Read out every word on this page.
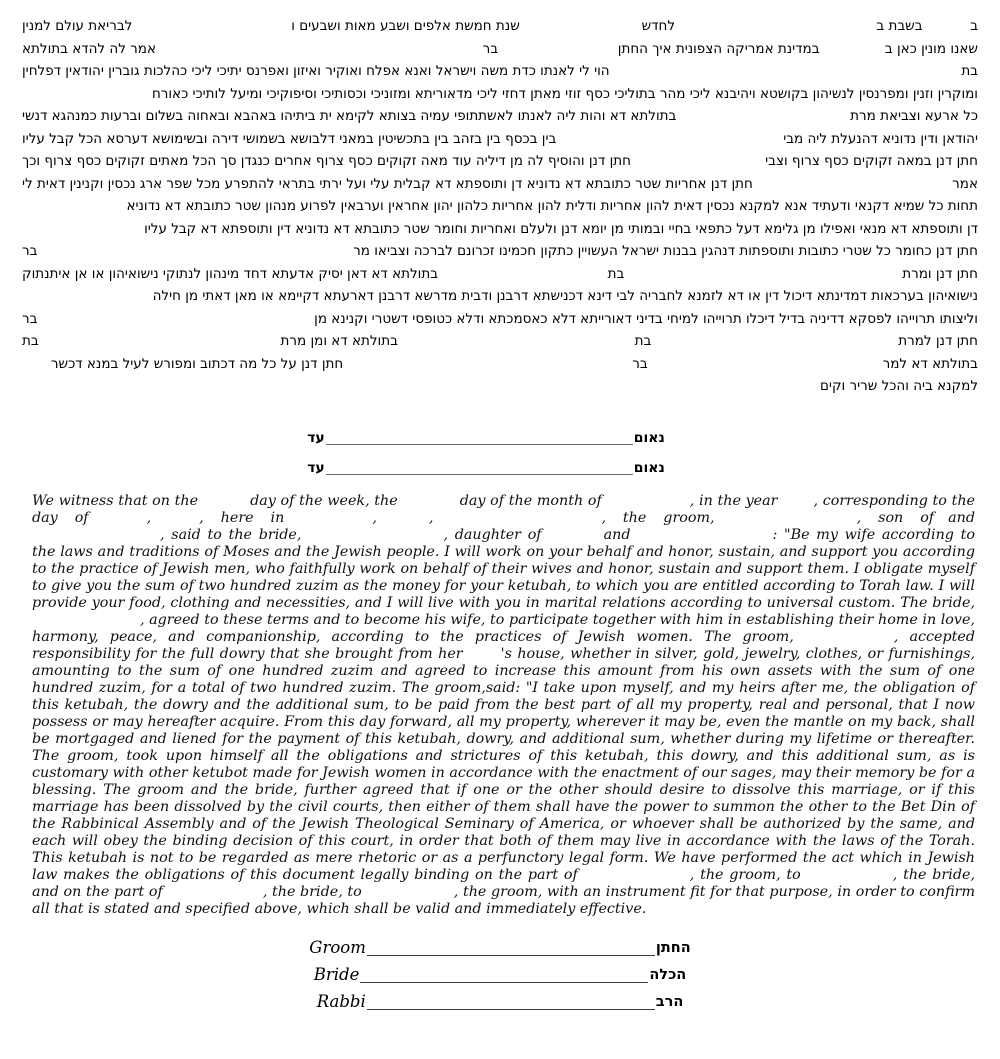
ב
בשבת ב
לחדש
שנת חמשת אלפים ושבע מאות ושבעים ו
לבריאת עולם למנין
שאנו מונין כאן ב
במדינת אמריקה הצפונית איך החתן
בר
אמר לה להדא בתולתא
בת
הוי לי לאנתו כדת משה וישראל ואנא אפלח ואוקיר ואיזון ואפרנס יתיכי ליכי כהלכות גוברין יהודאין דפלחין
ומוקרין וזנין ומפרנסין לנשיהון בקושטא ויהיבנא ליכי מהר בתוליכי כסף זוזי מאתן דחזי ליכי מדאוריתא ומזוניכי וכסותיכי וסיפוקיכי ומיעל לותיכי כאורח
כל ארעא וצביאת מרת
בתולתא דא והות ליה לאנתו לאשתתופי עמיה בצותא לקימא ית ביתיהו באהבא ובאחוה בשלום וברעות כמנהגא דנשי
יהודאן ודין נדוניא דהנעלת ליה מבי
בין בכסף בין בזהב בין בתכשיטין במאני דלבושא בשמושי דירה ובשימושא דערסא הכל קבל עליו
חתן דנן במאה זקוקים כסף צרוף וצבי
חתן דנן והוסיף לה מן דיליה עוד מאה זקוקים כסף צרוף אחרים כנגדן סך הכל מאתים זקוקים כסף צרוף וכך
אמר
חתן דנן אחריות שטר כתובתא דא נדוניא דן ותוספתא דא קבלית עלי ועל ירתי בתראי להתפרע מכל שפר ארג נכסין וקנינין דאית לי
תחות כל שמיא דקנאי ודעתיד אנא למקנא נכסין דאית להון אחריות ודלית להון אחריות כלהון יהון אחראין וערבאין לפרוע מנהון שטר כתובתא דא נדוניא
דן ותוספתא דא מנאי ואפילו מן גלימא דעל כתפאי בחיי ובמותי מן יומא דנן ולעלם ואחריות וחומר שטר כתובתא דא נדוניא דין ותוספתא דא קבל עליו
חתן דנן כחומר כל שטרי כתובות ותוספתות דנהגין בבנות ישראל העשויין כתקון חכמינו זכרונם לברכה וצביאו מר
בר
חתן דנן ומרת
בת
בתולתא דא דאן יסיק אדעתא דחד מינהון לנתוקי נישואיהון או אן איתנתוק
נישואיהון בערכאות דמדינתא דיכול דין או דא לזמנא לחבריה לבי דינא דכנישתא דרבנן ודבית מדרשא דרבנן דארעתא דקיימא או מאן דאתי מן חילה
וליצותו תרוייהו לפסקא דדיניה בדיל דיכלו תרוייהו למיחי בדיני דאורייתא דלא כאסמכתא ודלא כטופסי דשטרי וקנינא מן
בר
חתן דנן למרת
בת
בתולתא דא ומן מרת
בת
בתולתא דא למר
בר
חתן דנן על כל מה דכתוב ומפורש לעיל במנא דכשר
למקנא ביה והכל שריר וקים
עד	נאום
עד	נאום
We witness that on the	day of the week, the	day of the month of	, in the year	, corresponding to the day of	,	, here in	,	,	, the groom,	, son of and, said to the bride,	, daughter of	and	: "Be my wife according to the laws and traditions of Moses and the Jewish people. I will work on your behalf and honor, sustain, and support you according to the practice of Jewish men, who faithfully work on behalf of their wives and honor, sustain and support them. I obligate myself to give you the sum of two hundred zuzim as the money for your ketubah, to which you are entitled according to Torah law. I will provide your food, clothing and necessities, and I will live with you in marital relations according to universal custom. The bride,, agreed to these terms and to become his wife, to participate together with him in establishing their home in love, harmony, peace, and companionship, according to the practices of Jewish women. The groom,	, accepted responsibility for the full dowry that she brought from her	's house, whether in silver, gold, jewelry, clothes, or furnishings, amounting to the sum of one hundred zuzim and agreed to increase this amount from his own assets with the sum of one hundred zuzim, for a total of two hundred zuzim. The groom,said: "I take upon myself, and my heirs after me, the obligation of this ketubah, the dowry and the additional sum, to be paid from the best part of all my property, real and personal, that I now possess or may hereafter acquire. From this day forward, all my property, wherever it may be, even the mantle on my back, shall be mortgaged and liened for the payment of this ketubah, dowry, and additional sum, whether during my lifetime or thereafter. The groom, took upon himself all the obligations and strictures of this ketubah, this dowry, and this additional sum, as is customary with other ketubot made for Jewish women in accordance with the enactment of our sages, may their memory be for a blessing. The groom and the bride, further agreed that if one or the other should desire to dissolve this marriage, or if this marriage has been dissolved by the civil courts, then either of them shall have the power to summon the other to the Bet Din of the Rabbinical Assembly and of the Jewish Theological Seminary of America, or whoever shall be authorized by the same, and each will obey the binding decision of this court, in order that both of them may live in accordance with the laws of the Torah. This ketubah is not to be regarded as mere rhetoric or as a perfunctory legal form. We have performed the act which in Jewish law makes the obligations of this document legally binding on the part of	, the groom, to	, the bride, and on the part of	, the bride, to	, the groom, with an instrument fit for that purpose, in order to confirm all that is stated and specified above, which shall be valid and immediately effective.
Groom	החתן
Bride	הכלה
Rabbi	הרב
